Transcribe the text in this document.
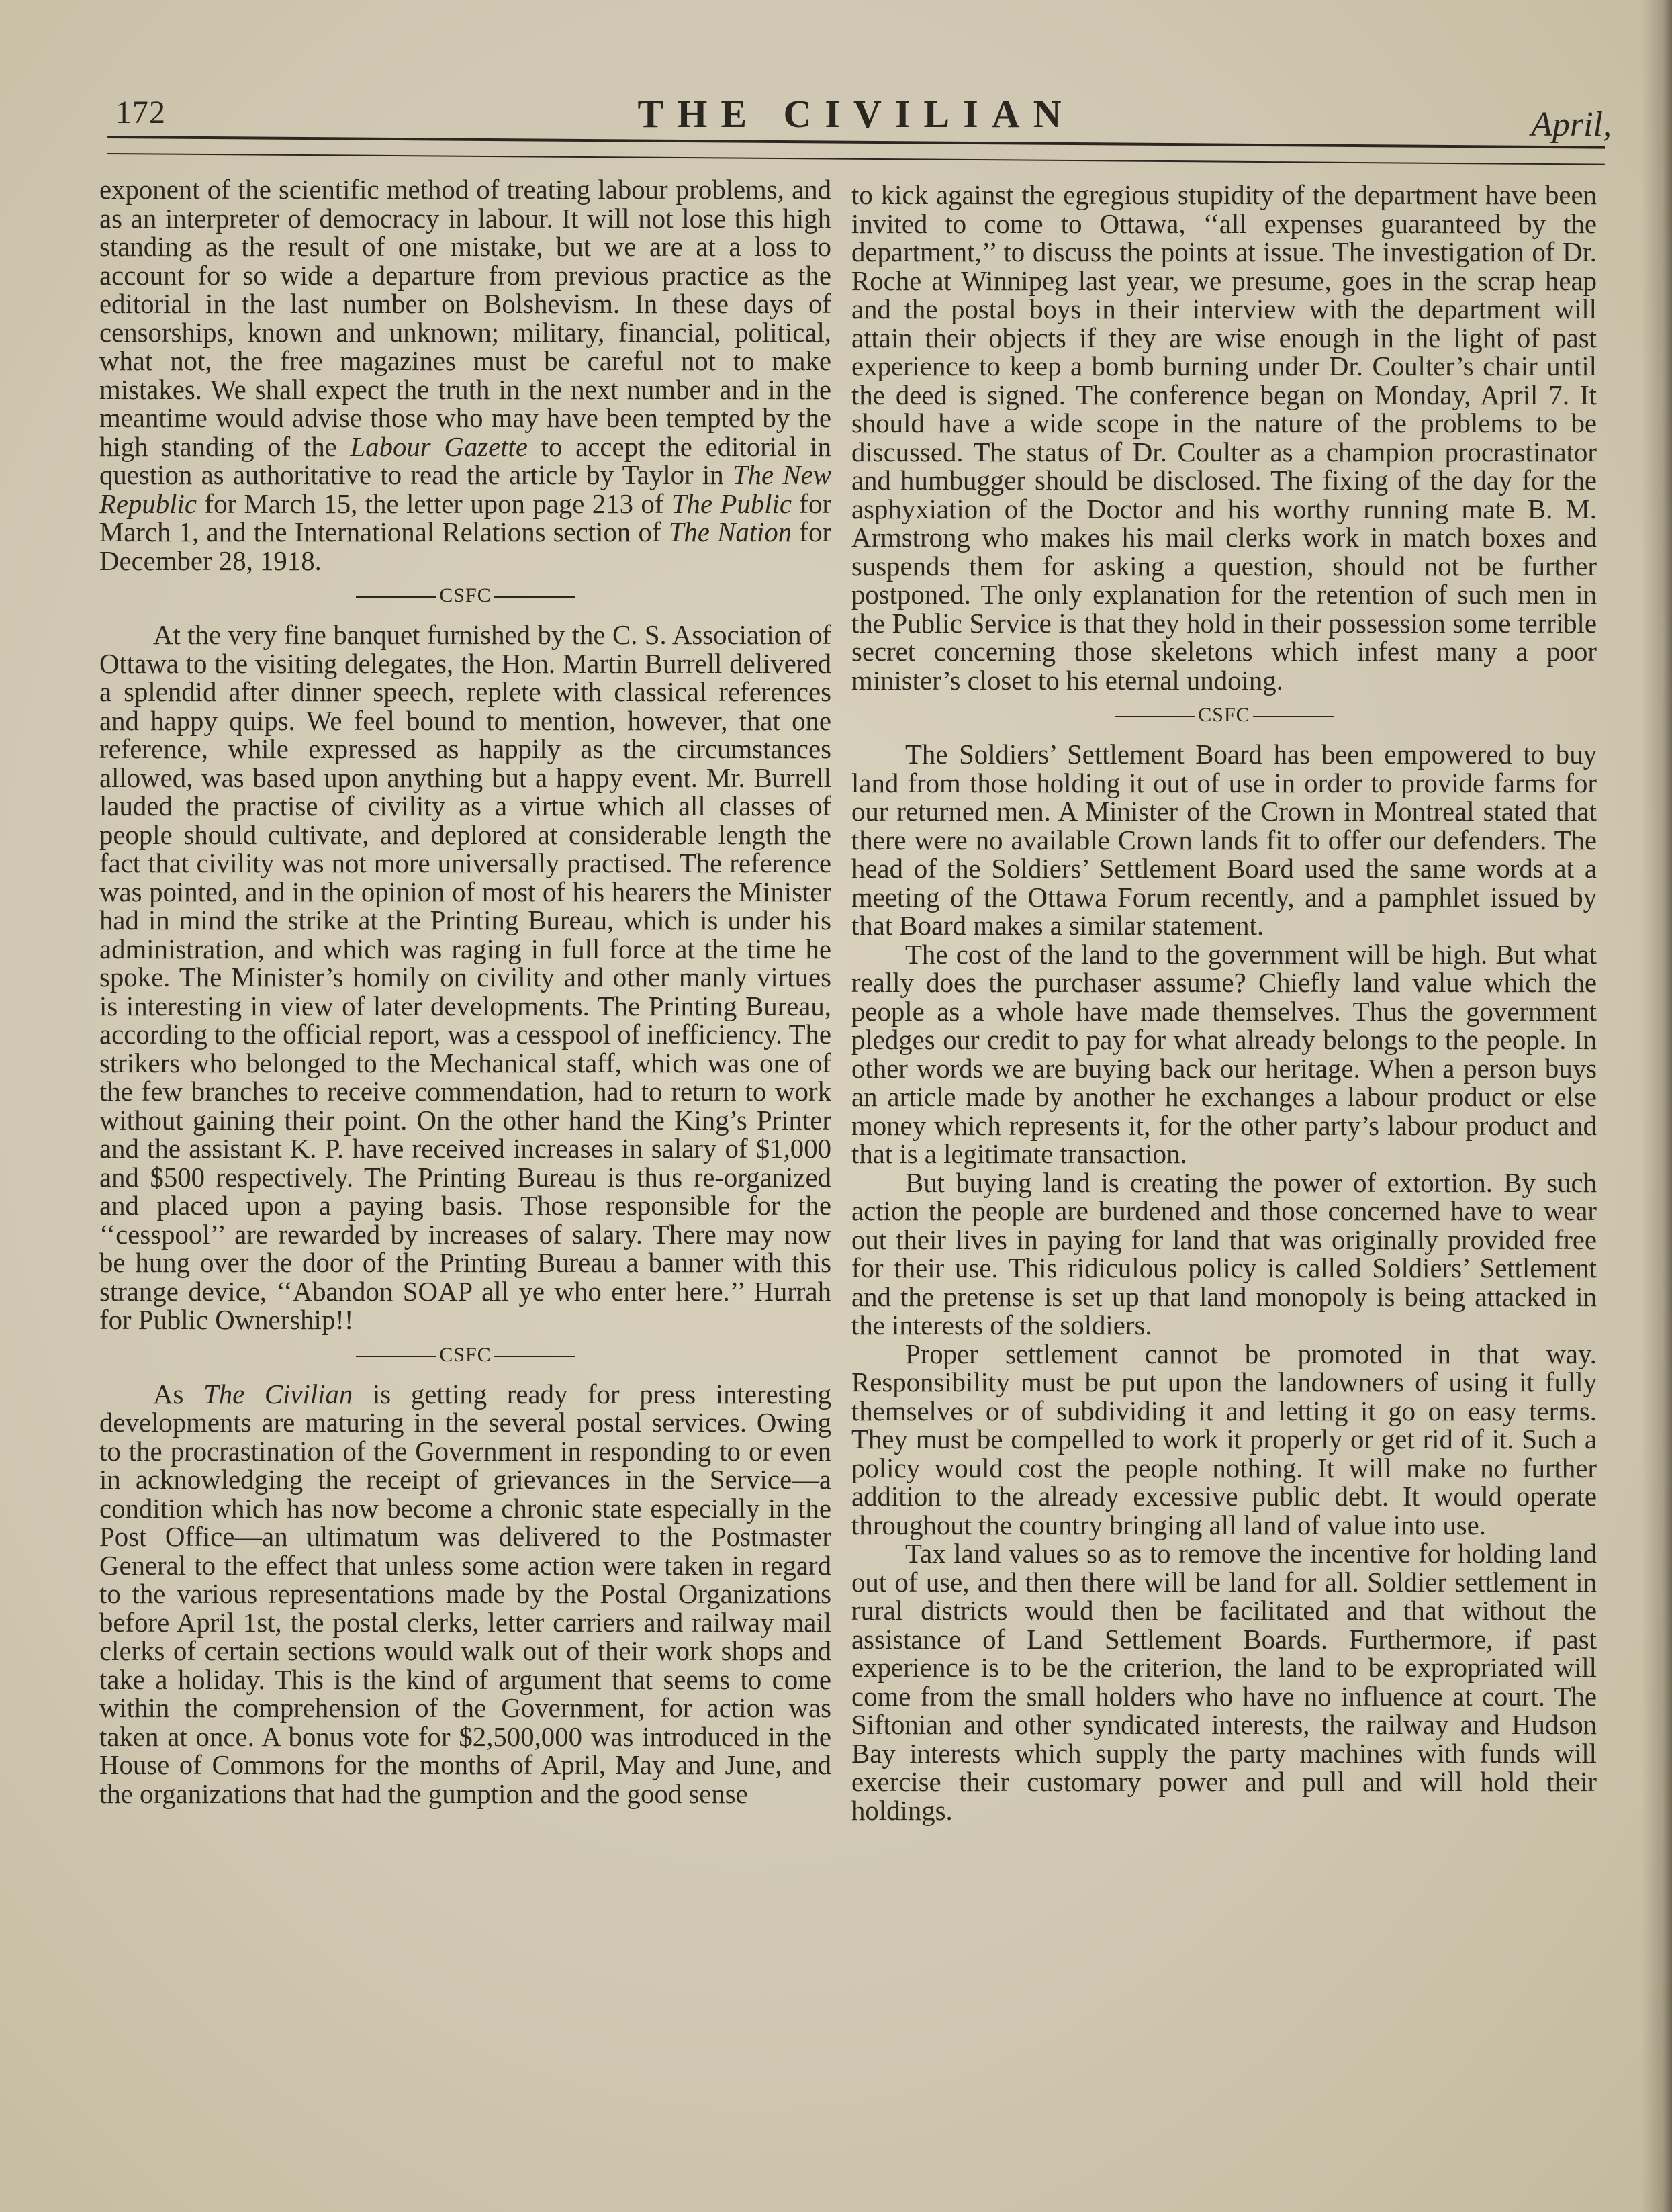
172	THE CIVILIAN	April,

exponent of the scientific method of treating labour problems, and as an interpreter of democracy in labour. It will not lose this high standing as the result of one mistake, but we are at a loss to account for so wide a departure from previous practice as the editorial in the last number on Bolshevism. In these days of censorships, known and unknown; military, financial, political, what not, the free magazines must be careful not to make mistakes. We shall expect the truth in the next number and in the meantime would advise those who may have been tempted by the high standing of the Labour Gazette to accept the editorial in question as authoritative to read the article by Taylor in The New Republic for March 15, the letter upon page 213 of The Public for March 1, and the International Relations section of The Nation for December 28, 1918.

CSFC

At the very fine banquet furnished by the C. S. Association of Ottawa to the visiting delegates, the Hon. Martin Burrell delivered a splendid after dinner speech, replete with classical references and happy quips. We feel bound to mention, however, that one reference, while expressed as happily as the circumstances allowed, was based upon anything but a happy event. Mr. Burrell lauded the practise of civility as a virtue which all classes of people should cultivate, and deplored at considerable length the fact that civility was not more universally practised. The reference was pointed, and in the opinion of most of his hearers the Minister had in mind the strike at the Printing Bureau, which is under his administration, and which was raging in full force at the time he spoke. The Minister’s homily on civility and other manly virtues is interesting in view of later developments. The Printing Bureau, according to the official report, was a cesspool of inefficiency. The strikers who belonged to the Mechanical staff, which was one of the few branches to receive commendation, had to return to work without gaining their point. On the other hand the King’s Printer and the assistant K. P. have received increases in salary of $1,000 and $500 respectively. The Printing Bureau is thus re-organized and placed upon a paying basis. Those responsible for the ‘‘cesspool’’ are rewarded by increases of salary. There may now be hung over the door of the Printing Bureau a banner with this strange device, ‘‘Abandon SOAP all ye who enter here.’’ Hurrah for Public Ownership!!

CSFC

As The Civilian is getting ready for press interesting developments are maturing in the several postal services. Owing to the procrastination of the Government in responding to or even in acknowledging the receipt of grievances in the Service—a condition which has now become a chronic state especially in the Post Office—an ultimatum was delivered to the Postmaster General to the effect that unless some action were taken in regard to the various representations made by the Postal Organizations before April 1st, the postal clerks, letter carriers and railway mail clerks of certain sections would walk out of their work shops and take a holiday. This is the kind of argument that seems to come within the comprehension of the Government, for action was taken at once. A bonus vote for $2,500,000 was introduced in the House of Commons for the months of April, May and June, and the organizations that had the gumption and the good sense

to kick against the egregious stupidity of the department have been invited to come to Ottawa, ‘‘all expenses guaranteed by the department,’’ to discuss the points at issue. The investigation of Dr. Roche at Winnipeg last year, we presume, goes in the scrap heap and the postal boys in their interview with the department will attain their objects if they are wise enough in the light of past experience to keep a bomb burning under Dr. Coulter’s chair until the deed is signed. The conference began on Monday, April 7. It should have a wide scope in the nature of the problems to be discussed. The status of Dr. Coulter as a champion procrastinator and humbugger should be disclosed. The fixing of the day for the asphyxiation of the Doctor and his worthy running mate B. M. Armstrong who makes his mail clerks work in match boxes and suspends them for asking a question, should not be further postponed. The only explanation for the retention of such men in the Public Service is that they hold in their possession some terrible secret concerning those skeletons which infest many a poor minister’s closet to his eternal undoing.

CSFC

The Soldiers’ Settlement Board has been empowered to buy land from those holding it out of use in order to provide farms for our returned men. A Minister of the Crown in Montreal stated that there were no available Crown lands fit to offer our defenders. The head of the Soldiers’ Settlement Board used the same words at a meeting of the Ottawa Forum recently, and a pamphlet issued by that Board makes a similar statement.

The cost of the land to the government will be high. But what really does the purchaser assume? Chiefly land value which the people as a whole have made themselves. Thus the government pledges our credit to pay for what already belongs to the people. In other words we are buying back our heritage. When a person buys an article made by another he exchanges a labour product or else money which represents it, for the other party’s labour product and that is a legitimate transaction.

But buying land is creating the power of extortion. By such action the people are burdened and those concerned have to wear out their lives in paying for land that was originally provided free for their use. This ridiculous policy is called Soldiers’ Settlement and the pretense is set up that land monopoly is being attacked in the interests of the soldiers.

Proper settlement cannot be promoted in that way. Responsibility must be put upon the landowners of using it fully themselves or of subdividing it and letting it go on easy terms. They must be compelled to work it properly or get rid of it. Such a policy would cost the people nothing. It will make no further addition to the already excessive public debt. It would operate throughout the country bringing all land of value into use.

Tax land values so as to remove the incentive for holding land out of use, and then there will be land for all. Soldier settlement in rural districts would then be facilitated and that without the assistance of Land Settlement Boards. Furthermore, if past experience is to be the criterion, the land to be expropriated will come from the small holders who have no influence at court. The Siftonian and other syndicated interests, the railway and Hudson Bay interests which supply the party machines with funds will exercise their customary power and pull and will hold their holdings.
